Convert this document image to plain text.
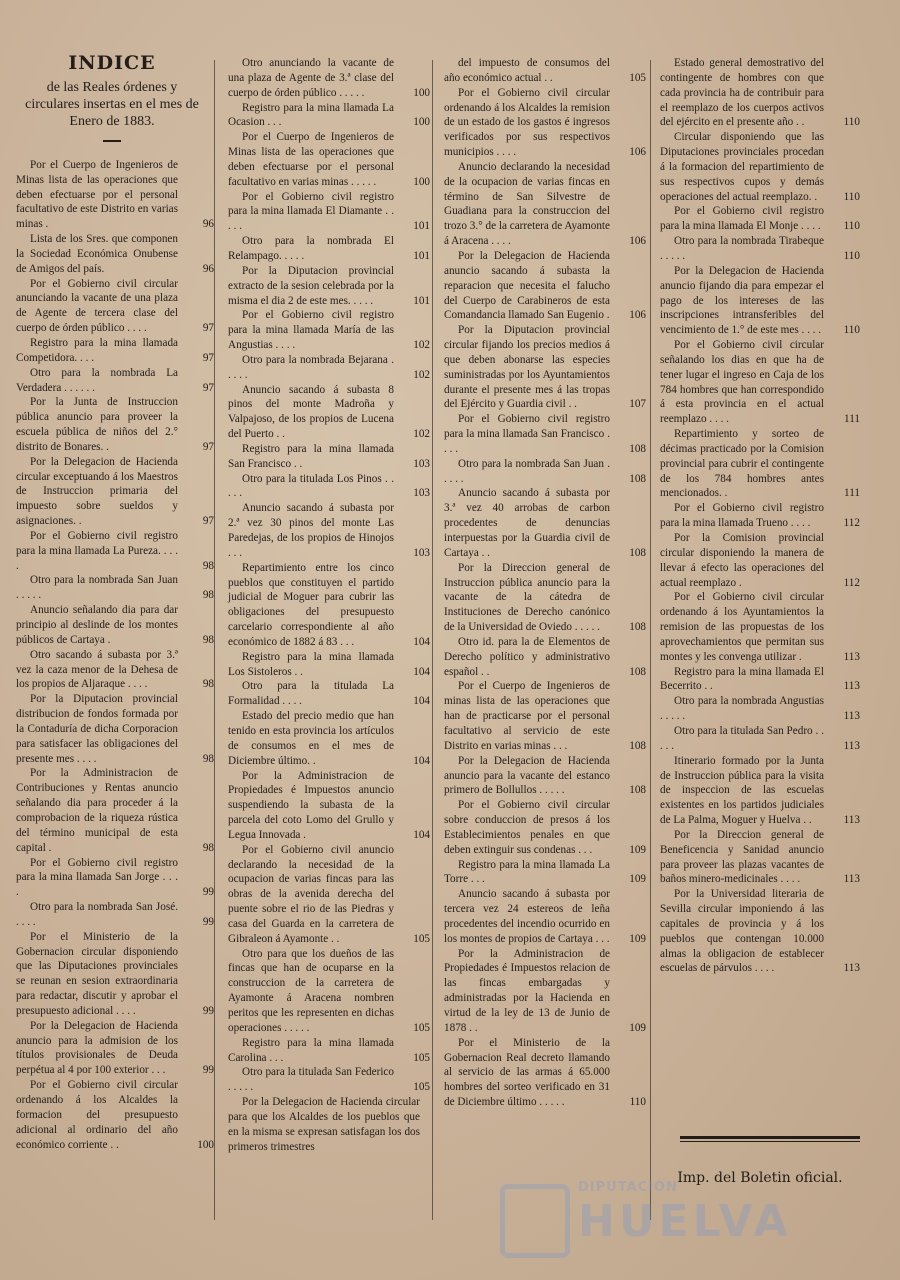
INDICE
de las Reales órdenes y circulares insertas en el mes de Enero de 1883.
Por el Cuerpo de Ingenieros de Minas lista de las operaciones que deben efectuarse por el personal facultativo de este Distrito en varias minas .	96
Lista de los Sres. que componen la Sociedad Económica Onubense de Amigos del país.	96
Por el Gobierno civil circular anunciando la vacante de una plaza de Agente de tercera clase del cuerpo de órden público . . . .	97
Registro para la mina llamada Competidora. . . .	97
Otro para la nombrada La Verdadera . . . . . .	97
Por la Junta de Instruccion pública anuncio para proveer la escuela pública de niños del 2.° distrito de Bonares. .	97
Por la Delegacion de Hacienda circular exceptuando á los Maestros de Instruccion primaria del impuesto sobre sueldos y asignaciones. .	97
Por el Gobierno civil registro para la mina llamada La Pureza. . . . .	98
Otro para la nombrada San Juan . . . . .	98
Anuncio señalando dia para dar principio al deslinde de los montes públicos de Cartaya .	98
Otro sacando á subasta por 3.ª vez la caza menor de la Dehesa de los propios de Aljaraque . . . .	98
Por la Diputacion provincial distribucion de fondos formada por la Contaduría de dicha Corporacion para satisfacer las obligaciones del presente mes . . . .	98
Por la Administracion de Contribuciones y Rentas anuncio señalando dia para proceder á la comprobacion de la riqueza rústica del término municipal de esta capital .	98
Por el Gobierno civil registro para la mina llamada San Jorge . . . .	99
Otro para la nombrada San José. . . . .	99
Por el Ministerio de la Gobernacion circular disponiendo que las Diputaciones provinciales se reunan en sesion extraordinaria para redactar, discutir y aprobar el presupuesto adicional . . . .	99
Por la Delegacion de Hacienda anuncio para la admision de los títulos provisionales de Deuda perpétua al 4 por 100 exterior . . .	99
Por el Gobierno civil circular ordenando á los Alcaldes la formacion del presupuesto adicional al ordinario del año económico corriente . .	100
Otro anunciando la vacante de una plaza de Agente de 3.ª clase del cuerpo de órden público . . . . .	100
Registro para la mina llamada La Ocasion . . .	100
Por el Cuerpo de Ingenieros de Minas lista de las operaciones que deben efectuarse por el personal facultativo en varias minas . . . . .	100
Por el Gobierno civil registro para la mina llamada El Diamante . . . . .	101
Otro para la nombrada El Relampago. . . . .	101
Por la Diputacion provincial extracto de la sesion celebrada por la misma el dia 2 de este mes. . . . .	101
Por el Gobierno civil registro para la mina llamada María de las Angustias . . . .	102
Otro para la nombrada Bejarana . . . . .	102
Anuncio sacando á subasta 8 pinos del monte Madroña y Valpajoso, de los propios de Lucena del Puerto . .	102
Registro para la mina llamada San Francisco . .	103
Otro para la titulada Los Pinos . . . . .	103
Anuncio sacando á subasta por 2.ª vez 30 pinos del monte Las Paredejas, de los propios de Hinojos . . .	103
Repartimiento entre los cinco pueblos que constituyen el partido judicial de Moguer para cubrir las obligaciones del presupuesto carcelario correspondiente al año económico de 1882 á 83 . . .	104
Registro para la mina llamada Los Sistoleros . .	104
Otro para la titulada La Formalidad . . . .	104
Estado del precio medio que han tenido en esta provincia los artículos de consumos en el mes de Diciembre último. .	104
Por la Administracion de Propiedades é Impuestos anuncio suspendiendo la subasta de la parcela del coto Lomo del Grullo y Legua Innovada .	104
Por el Gobierno civil anuncio declarando la necesidad de la ocupacion de varias fincas para las obras de la avenida derecha del puente sobre el rio de las Piedras y casa del Guarda en la carretera de Gibraleon á Ayamonte . .	105
Otro para que los dueños de las fincas que han de ocuparse en la construccion de la carretera de Ayamonte á Aracena nombren peritos que les representen en dichas operaciones . . . . .	105
Registro para la mina llamada Carolina . . .	105
Otro para la titulada San Federico . . . . .	105
Por la Delegacion de Hacienda circular para que los Alcaldes de los pueblos que en la misma se expresan satisfagan los dos primeros trimestres
del impuesto de consumos del año económico actual . .	105
Por el Gobierno civil circular ordenando á los Alcaldes la remision de un estado de los gastos é ingresos verificados por sus respectivos municipios . . . .	106
Anuncio declarando la necesidad de la ocupacion de varias fincas en término de San Silvestre de Guadiana para la construccion del trozo 3.° de la carretera de Ayamonte á Aracena . . . .	106
Por la Delegacion de Hacienda anuncio sacando á subasta la reparacion que necesita el falucho del Cuerpo de Carabineros de esta Comandancia llamado San Eugenio . 106
Por la Diputacion provincial circular fijando los precios medios á que deben abonarse las especies suministradas por los Ayuntamientos durante el presente mes á las tropas del Ejército y Guardia civil . .	107
Por el Gobierno civil registro para la mina llamada San Francisco . . . .	108
Otro para la nombrada San Juan . . . . .	108
Anuncio sacando á subasta por 3.ª vez 40 arrobas de carbon procedentes de denuncias interpuestas por la Guardia civil de Cartaya . .	108
Por la Direccion general de Instruccion pública anuncio para la vacante de la cátedra de Instituciones de Derecho canónico de la Universidad de Oviedo . . . . .	108
Otro id. para la de Elementos de Derecho político y administrativo español . .	108
Por el Cuerpo de Ingenieros de minas lista de las operaciones que han de practicarse por el personal facultativo al servicio de este Distrito en varias minas . . .	108
Por la Delegacion de Hacienda anuncio para la vacante del estanco primero de Bollullos . . . . .	108
Por el Gobierno civil circular sobre conduccion de presos á los Establecimientos penales en que deben extinguir sus condenas . . .	109
Registro para la mina llamada La Torre . . .	109
Anuncio sacando á subasta por tercera vez 24 estereos de leña procedentes del incendio ocurrido en los montes de propios de Cartaya . . . 109
Por la Administracion de Propiedades é Impuestos relacion de las fincas embargadas y administradas por la Hacienda en virtud de la ley de 13 de Junio de 1878 . .	109
Por el Ministerio de la Gobernacion Real decreto llamando al servicio de las armas á 65.000 hombres del sorteo verificado en 31 de Diciembre último . . . . .	110
Estado general demostrativo del contingente de hombres con que cada provincia ha de contribuir para el reemplazo de los cuerpos activos del ejército en el presente año . .	110
Circular disponiendo que las Diputaciones provinciales procedan á la formacion del repartimiento de sus respectivos cupos y demás operaciones del actual reemplazo. . 110
Por el Gobierno civil registro para la mina llamada El Monje . . . . 110
Otro para la nombrada Tirabeque . . . . .	110
Por la Delegacion de Hacienda anuncio fijando dia para empezar el pago de los intereses de las inscripciones intransferibles del vencimiento de 1.° de este mes . . . . 110
Por el Gobierno civil circular señalando los dias en que ha de tener lugar el ingreso en Caja de los 784 hombres que han correspondido á esta provincia en el actual reemplazo . . . .	111
Repartimiento y sorteo de décimas practicado por la Comision provincial para cubrir el contingente de los 784 hombres antes mencionados. .	111
Por el Gobierno civil registro para la mina llamada Trueno . . . .	112
Por la Comision provincial circular disponiendo la manera de llevar á efecto las operaciones del actual reemplazo .	112
Por el Gobierno civil circular ordenando á los Ayuntamientos la remision de las propuestas de los aprovechamientos que permitan sus montes y les convenga utilizar .	113
Registro para la mina llamada El Becerrito . .	113
Otro para la nombrada Angustias . . . . .	113
Otro para la titulada San Pedro . . . . .	113
Itinerario formado por la Junta de Instruccion pública para la visita de inspeccion de las escuelas existentes en los partidos judiciales de La Palma, Moguer y Huelva . .	113
Por la Direccion general de Beneficencia y Sanidad anuncio para proveer las plazas vacantes de baños minero-medicinales . . . .	113
Por la Universidad literaria de Sevilla circular imponiendo á las capitales de provincia y á los pueblos que contengan 10.000 almas la obligacion de establecer escuelas de párvulos . . . .	113
Imp. del Boletin oficial.
DIPUTACIÓN
HUELVA
